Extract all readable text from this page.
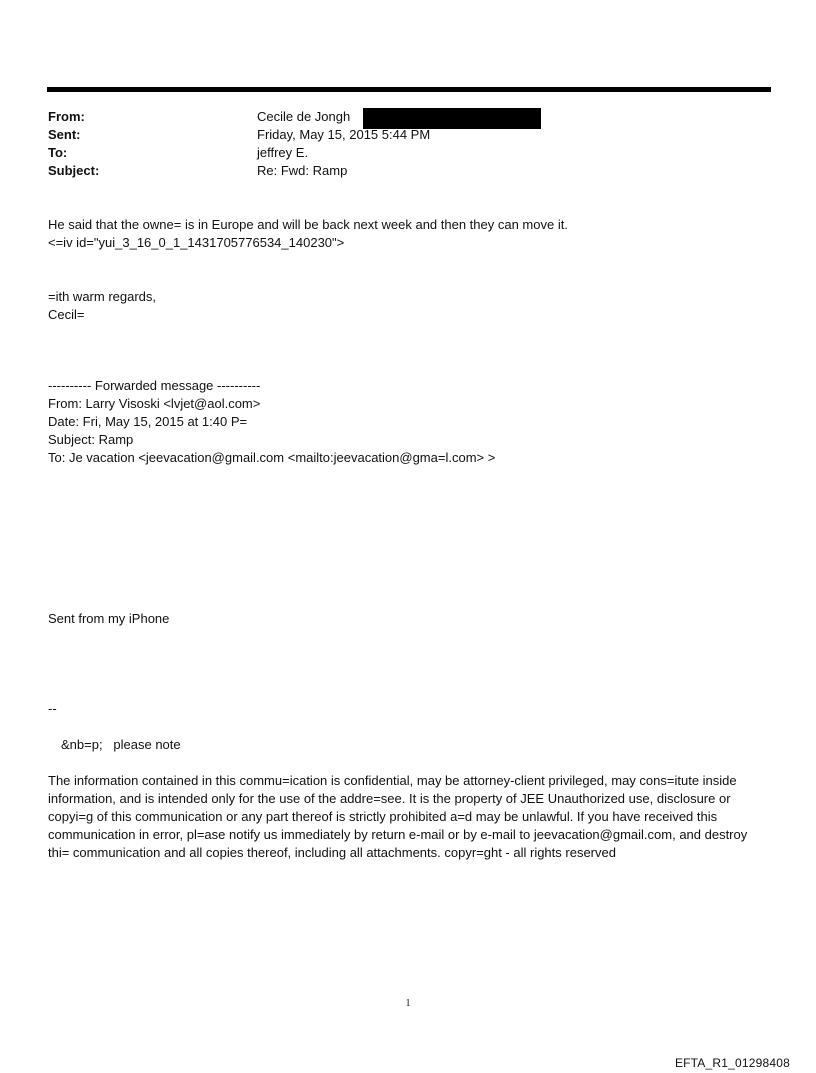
From:	Cecile de Jongh
Sent:	Friday, May 15, 2015 5:44 PM
To:	jeffrey E.
Subject:	Re: Fwd: Ramp
He said that the owne= is in Europe and will be back next week and then they can move it.
<=iv id="yui_3_16_0_1_1431705776534_140230">
=ith warm regards,
Cecil=
---------- Forwarded message ----------
From: Larry Visoski <lvjet@aol.com>
Date: Fri, May 15, 2015 at 1:40 P=
Subject: Ramp
To: Je vacation <jeevacation@gmail.com <mailto:jeevacation@gma=l.com> >
Sent from my iPhone
--
&nb=p;   please note
The information contained in this commu=ication is confidential, may be attorney-client privileged, may cons=itute inside information, and is intended only for the use of the addre=see. It is the property of JEE Unauthorized use, disclosure or copyi=g of this communication or any part thereof is strictly prohibited a=d may be unlawful. If you have received this communication in error, pl=ase notify us immediately by return e-mail or by e-mail to jeevacation@gmail.com, and destroy thi= communication and all copies thereof, including all attachments. copyr=ght - all rights reserved
1
EFTA_R1_01298408
